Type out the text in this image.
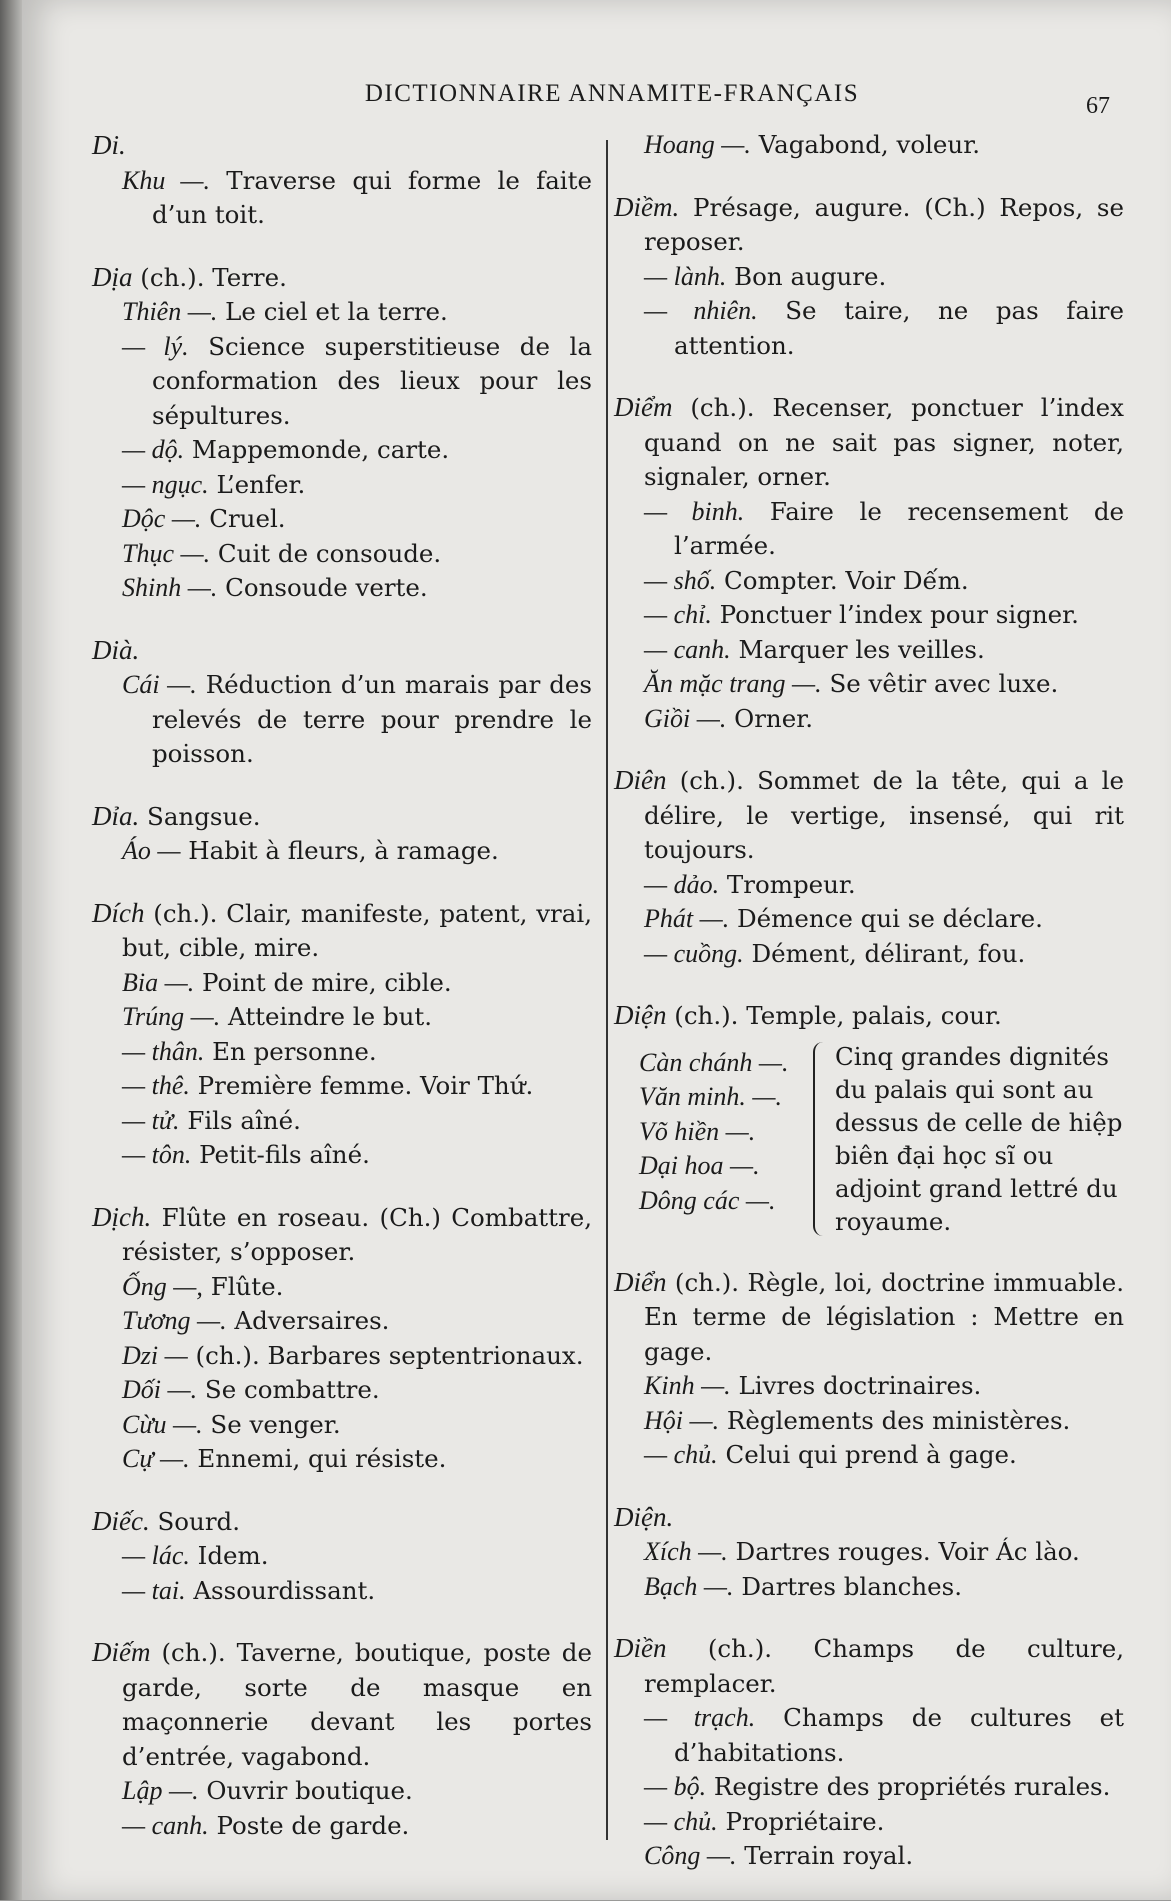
DICTIONNAIRE ANNAMITE-FRANÇAIS	67
Di.
Khu —. Traverse qui forme le faite d’un toit.
Dịa (ch.). Terre.
Thiên —. Le ciel et la terre.
— lý. Science superstitieuse de la conformation des lieux pour les sépultures.
— dộ. Mappemonde, carte.
— ngục. L’enfer.
Dộc —. Cruel.
Thục —. Cuit de consoude.
Shinh —. Consoude verte.
Dià.
Cái —. Réduction d’un marais par des relevés de terre pour prendre le poisson.
Dỉa. Sangsue.
Áo — Habit à fleurs, à ramage.
Dích (ch.). Clair, manifeste, patent, vrai, but, cible, mire.
Bia —. Point de mire, cible.
Trúng —. Atteindre le but.
— thân. En personne.
— thê. Première femme. Voir Thứ.
— tử. Fils aîné.
— tôn. Petit-fils aîné.
Dịch. Flûte en roseau. (Ch.) Combattre, résister, s’opposer.
Ống —, Flûte.
Tương —. Adversaires.
Dzi — (ch.). Barbares septentrionaux.
Dối —. Se combattre.
Cừu —. Se venger.
Cự —. Ennemi, qui résiste.
Diếc. Sourd.
— lác. Idem.
— tai. Assourdissant.
Diếm (ch.). Taverne, boutique, poste de garde, sorte de masque en maçonnerie devant les portes d’entrée, vagabond.
Lập —. Ouvrir boutique.
— canh. Poste de garde.
Hoang —. Vagabond, voleur.
Diềm. Présage, augure. (Ch.) Repos, se reposer.
— lành. Bon augure.
— nhiên. Se taire, ne pas faire attention.
Diểm (ch.). Recenser, ponctuer l’index quand on ne sait pas signer, noter, signaler, orner.
— binh. Faire le recensement de l’armée.
— shố. Compter. Voir Dếm.
— chỉ. Ponctuer l’index pour signer.
— canh. Marquer les veilles.
Ăn mặc trang —. Se vêtir avec luxe.
Giồi —. Orner.
Diên (ch.). Sommet de la tête, qui a le délire, le vertige, insensé, qui rit toujours.
— dảo. Trompeur.
Phát —. Démence qui se déclare.
— cuồng. Dément, délirant, fou.
Diện (ch.). Temple, palais, cour.
Càn chánh —.
Văn minh. —.
Võ hiền —.
Dại hoa —.
Dông các —.
Cinq grandes dignités du palais qui sont au dessus de celle de hiệp biên đại học sĩ ou adjoint grand lettré du royaume.
Diển (ch.). Règle, loi, doctrine immuable. En terme de législation : Mettre en gage.
Kinh —. Livres doctrinaires.
Hội —. Règlements des ministères.
— chủ. Celui qui prend à gage.
Diện.
Xích —. Dartres rouges. Voir Ác lào.
Bạch —. Dartres blanches.
Diền (ch.). Champs de culture, remplacer.
— trạch. Champs de cultures et d’habitations.
— bộ. Registre des propriétés rurales.
— chủ. Propriétaire.
Công —. Terrain royal.
